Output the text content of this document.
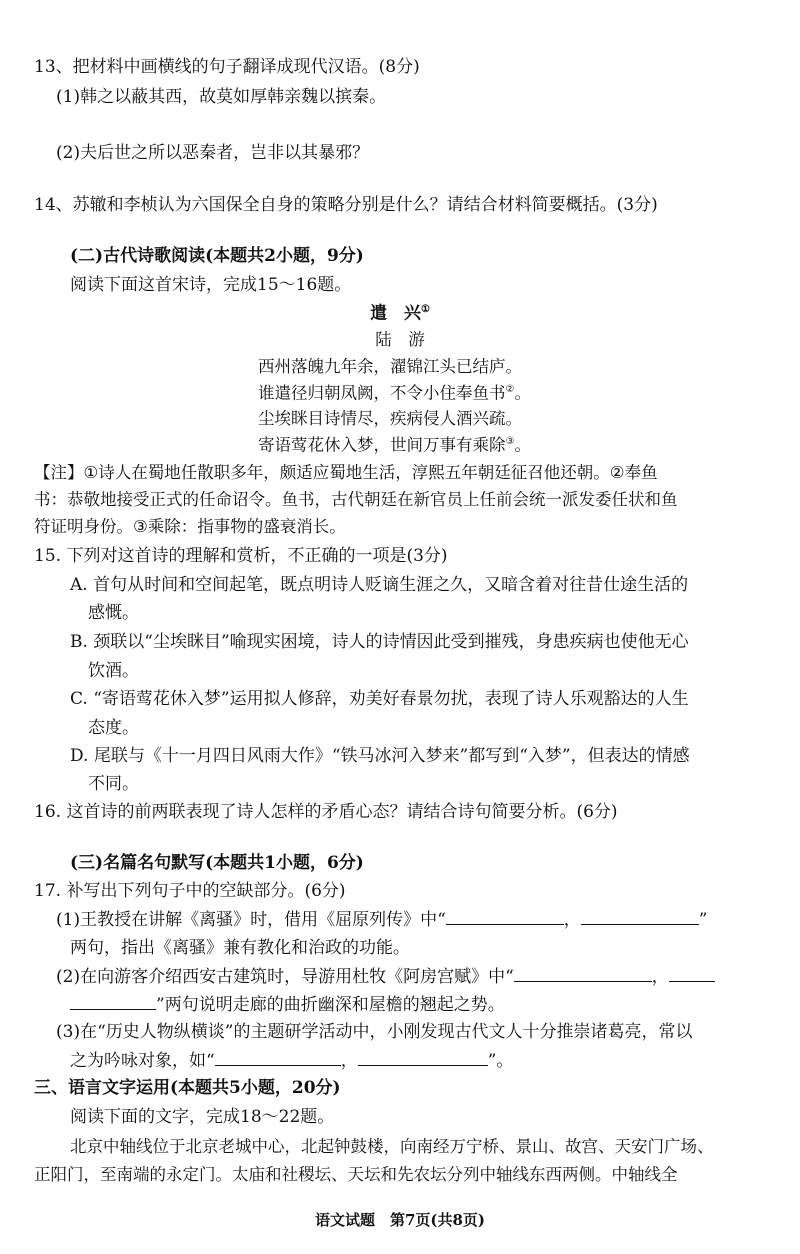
13、把材料中画横线的句子翻译成现代汉语。(8分)
(1)韩之以蔽其西，故莫如厚韩亲魏以摈秦。
(2)夫后世之所以恶秦者，岂非以其暴邪？
14、苏辙和李桢认为六国保全自身的策略分别是什么？请结合材料简要概括。(3分)
(二)古代诗歌阅读(本题共2小题，9分)
阅读下面这首宋诗，完成15～16题。
遣　兴①
陆　游
西州落魄九年余，濯锦江头已结庐。
谁遣径归朝凤阙，不令小住奉鱼书②。
尘埃眯目诗情尽，疾病侵人酒兴疏。
寄语莺花休入梦，世间万事有乘除③。
【注】①诗人在蜀地任散职多年，颇适应蜀地生活，淳熙五年朝廷征召他还朝。②奉鱼
书：恭敬地接受正式的任命诏令。鱼书，古代朝廷在新官员上任前会统一派发委任状和鱼
符证明身份。③乘除：指事物的盛衰消长。
15. 下列对这首诗的理解和赏析，不正确的一项是(3分)
A. 首句从时间和空间起笔，既点明诗人贬谪生涯之久，又暗含着对往昔仕途生活的
感慨。
B. 颈联以“尘埃眯目”喻现实困境，诗人的诗情因此受到摧残，身患疾病也使他无心
饮酒。
C. “寄语莺花休入梦”运用拟人修辞，劝美好春景勿扰，表现了诗人乐观豁达的人生
态度。
D. 尾联与《十一月四日风雨大作》“铁马冰河入梦来”都写到“入梦”，但表达的情感
不同。
16. 这首诗的前两联表现了诗人怎样的矛盾心态？请结合诗句简要分析。(6分)
(三)名篇名句默写(本题共1小题，6分)
17. 补写出下列句子中的空缺部分。(6分)
(1)王教授在讲解《离骚》时，借用《屈原列传》中“	，	”
两句，指出《离骚》兼有教化和治政的功能。
(2)在向游客介绍西安古建筑时，导游用杜牧《阿房宫赋》中“	，
”两句说明走廊的曲折幽深和屋檐的翘起之势。
(3)在“历史人物纵横谈”的主题研学活动中，小刚发现古代文人十分推崇诸葛亮，常以
之为吟咏对象，如“	，	”。
三、语言文字运用(本题共5小题，20分)
阅读下面的文字，完成18～22题。
北京中轴线位于北京老城中心，北起钟鼓楼，向南经万宁桥、景山、故宫、天安门广场、
正阳门，至南端的永定门。太庙和社稷坛、天坛和先农坛分列中轴线东西两侧。中轴线全
语文试题　第7页(共8页)
